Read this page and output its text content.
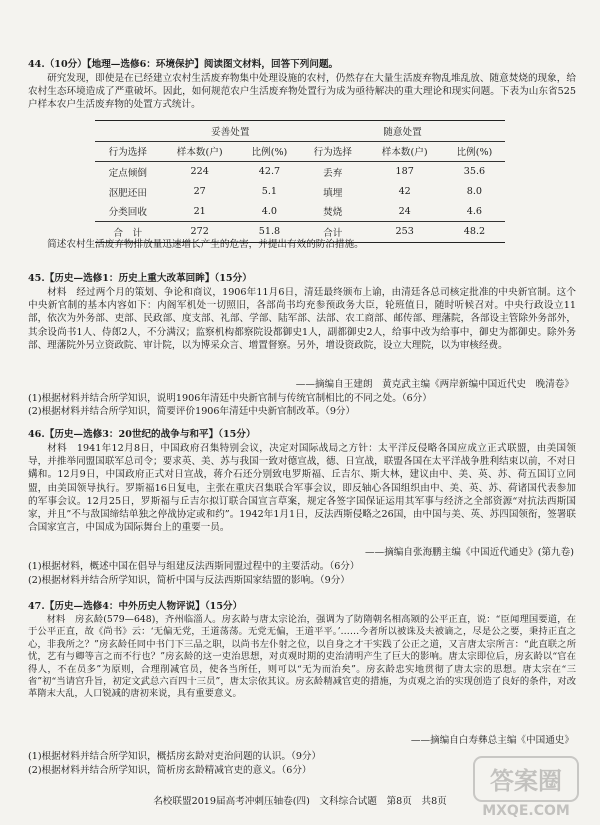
44.（10分）【地理—选修6：环境保护】阅读图文材料，回答下列问题。
研究发现，即使是在已经建立农村生活废弃物集中处理设施的农村，仍然存在大量生活废弃物乱堆乱放、随意焚烧的现象，给农村生态环境造成了严重破坏。因此，如何规范农户生活废弃物处置行为成为亟待解决的重大理论和现实问题。下表为山东省525户样本农户生活废弃物的处置方式统计。
	妥善处置		随意处置		
行为选择	样本数(户)	比例(%)	行为选择	样本数(户)	比例(%)
定点倾倒	224	42.7	丢弃	187	35.6
沤肥还田	27	5.1	填埋	42	8.0
分类回收	21	4.0	焚烧	24	4.6
合　计	272	51.8	合计	253	48.2
简述农村生活废弃物排放量迅速增长产生的危害，并提出有效的防治措施。
45.【历史—选修1：历史上重大改革回眸】（15分）
材料　经过两个月的策划、争论和商议，1906年11月6日，清廷最终颁布上谕，由清廷各总司核定批准的中央新官制。这个中央新官制的基本内容如下：内阁军机处一切照旧，各部尚书均充参预政务大臣，轮班值日，随时听候召对。中央行政设立11部，依次为外务部、吏部、民政部、度支部、礼部、学部、陆军部、法部、农工商部、邮传部、理藩院，各部设主管除外务部外，其余设尚书1人、侍郎2人，不分满汉；监察机构都察院设都御史1人，副都御史2人，给事中改为给事中，御史为都御史。除外务部、理藩院外另立资政院、审计院，以为博采众言、增置督察。另外，增设资政院，设立大理院，以为审核经费。
——摘编自王建朗　黄克武主编《两岸新编中国近代史　晚清卷》
(1)根据材料并结合所学知识，说明1906年清廷中央新官制与传统官制相比的不同之处。（6分）
(2)根据材料并结合所学知识，简要评价1906年清廷中央新官制改革。（9分）
46.【历史—选修3：20世纪的战争与和平】（15分）
材料　1941年12月8日，中国政府召集特别会议，决定对国际战局之方针：太平洋反侵略各国应成立正式联盟，由美国领导，并推举同盟国联军总司令；要求英、美、苏与我国一致对德宣战，德、日宣战，联盟各国在太平洋战争胜利结束以前，不对日媾和。12月9日，中国政府正式对日宣战，蒋介石还分别致电罗斯福、丘吉尔、斯大林，建议由中、美、英、苏、荷五国订立同盟，由美国领导执行。罗斯福16日复电，主张在重庆召集联合军事会议，即反轴心各国组织由中、美、英、苏、荷诸国代表参加的军事会议。12月25日，罗斯福与丘吉尔拟订联合国宣言草案，规定各签字国保证运用其军事与经济之全部资源“对抗法西斯国家，并且”不与敌国缔结单独之停战协定或和约”。1942年1月1日，反法西斯侵略之26国，由中国与美、英、苏四国领衔，签署联合国家宣言，中国成为国际舞台上的重要一员。
——摘编自张海鹏主编《中国近代通史》(第九卷)
(1)根据材料，概述中国在倡导与组建反法西斯同盟过程中的主要活动。（6分）
(2)根据材料并结合所学知识，简析中国与反法西斯国家结盟的影响。（9分）
47.【历史—选修4：中外历史人物评说】（15分）
材料　房玄龄(579—648)，齐州临淄人。房玄龄与唐太宗论治，强调为了防隋朝名相高颎的公平正直，说：“臣闻理国要道，在于公平正直，故《尚书》云：‘无偏无党，王道荡荡。无党无偏，王道平平。’……今者所以被诛及夫被谪之，尽是公之要，秉持正直之心，非我所之？”房玄龄任同中书门下三品之职，以尚书左仆射之位，以自身之才干实践了公正之道，又言唐太宗所言：“此直联之所忧，艺有与卿等言之而不行也？”房玄龄的这一吏治思想，对贞观时期的吏治清明产生了巨大的影响。唐太宗即位后，房玄龄以“官在得人，不在员多”为原则，合理削减官员，使各当所任，则可以“无为而治矣”。房玄龄忠实地贯彻了唐太宗的思想。唐太宗在“三省”初“当请宫升旨，初定文武总六百四十三员”，唐太宗依其议。房玄龄精减官吏的措施，为贞观之治的实现创造了良好的条件，对改革隋末大乱，人口锐减的唐初来说，具有重要意义。
——摘编自白寿彝总主编《中国通史》
(1)根据材料并结合所学知识，概括房玄龄对吏治问题的认识。（9分）
(2)根据材料并结合所学知识，简析房玄龄精减官吏的意义。（6分）
名校联盟2019届高考冲刺压轴卷(四)　文科综合试题　第8页　共8页
答案圈
MXQE.COM
